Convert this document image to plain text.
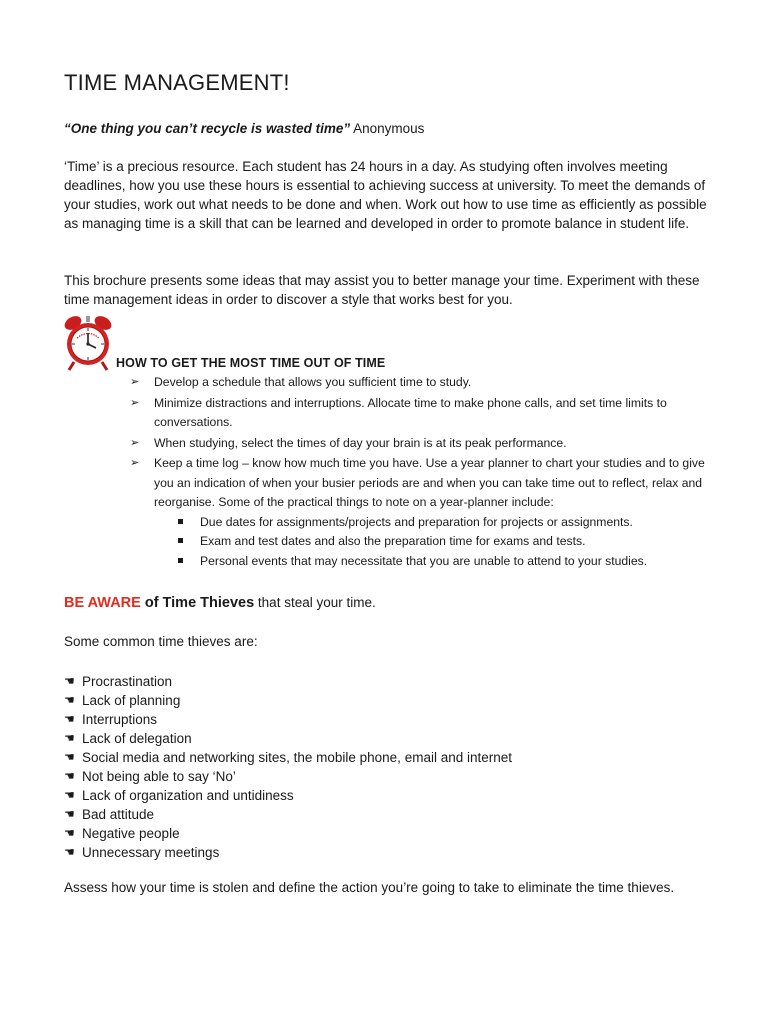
TIME MANAGEMENT!
“One thing you can’t recycle is wasted time” Anonymous

‘Time’ is a precious resource. Each student has 24 hours in a day. As studying often involves meeting deadlines, how you use these hours is essential to achieving success at university. To meet the demands of your studies, work out what needs to be done and when. Work out how to use time as efficiently as possible as managing time is a skill that can be learned and developed in order to promote balance in student life.

This brochure presents some ideas that may assist you to better manage your time. Experiment with these time management ideas in order to discover a style that works best for you.

HOW TO GET THE MOST TIME OUT OF TIME
➢ Develop a schedule that allows you sufficient time to study.
➢ Minimize distractions and interruptions. Allocate time to make phone calls, and set time limits to conversations.
➢ When studying, select the times of day your brain is at its peak performance.
➢ Keep a time log – know how much time you have. Use a year planner to chart your studies and to give you an indication of when your busier periods are and when you can take time out to reflect, relax and reorganise. Some of the practical things to note on a year-planner include:
Due dates for assignments/projects and preparation for projects or assignments.
Exam and test dates and also the preparation time for exams and tests.
Personal events that may necessitate that you are unable to attend to your studies.
BE AWARE of Time Thieves that steal your time.

Some common time thieves are:

☚ Procrastination
☚ Lack of planning
☚ Interruptions
☚ Lack of delegation
☚ Social media and networking sites, the mobile phone, email and internet
☚ Not being able to say ‘No’
☚ Lack of organization and untidiness
☚ Bad attitude
☚ Negative people
☚ Unnecessary meetings

Assess how your time is stolen and define the action you’re going to take to eliminate the time thieves.
